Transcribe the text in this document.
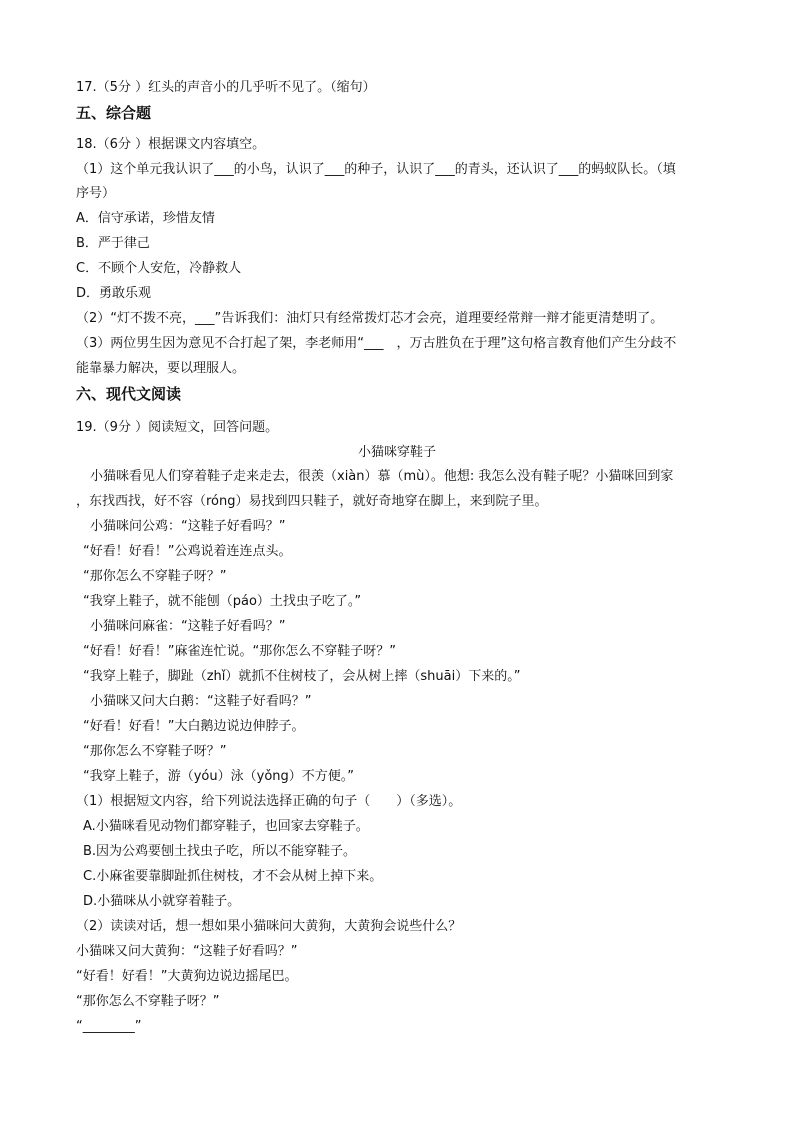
17.（5分 ）红头的声音小的几乎听不见了。（缩句）
五、综合题
18.（6分 ）根据课文内容填空。
（1）这个单元我认识了___的小鸟，认识了___的种子，认识了___的青头，还认识了___的蚂蚁队长。（填
序号）
A．信守承诺，珍惜友情
B．严于律己
C．不顾个人安危，冷静救人
D．勇敢乐观
（2）“灯不拨不亮，___”告诉我们：油灯只有经常拨灯芯才会亮，道理要经常辩一辩才能更清楚明了。
（3）两位男生因为意见不合打起了架，李老师用“___　，万古胜负在于理”这句格言教育他们产生分歧不
能靠暴力解决，要以理服人。
六、现代文阅读
19.（9分 ）阅读短文，回答问题。
小猫咪穿鞋子
小猫咪看见人们穿着鞋子走来走去，很羡（xiàn）慕（mù）。他想: 我怎么没有鞋子呢？小猫咪回到家
，东找西找，好不容（róng）易找到四只鞋子，就好奇地穿在脚上，来到院子里。
小猫咪问公鸡：“这鞋子好看吗？”
“好看！好看！”公鸡说着连连点头。
“那你怎么不穿鞋子呀？”
“我穿上鞋子，就不能刨（páo）土找虫子吃了。”
小猫咪问麻雀：“这鞋子好看吗？”
“好看！好看！”麻雀连忙说。“那你怎么不穿鞋子呀？”
“我穿上鞋子，脚趾（zhǐ）就抓不住树枝了，会从树上摔（shuāi）下来的。”
小猫咪又问大白鹅：“这鞋子好看吗？”
“好看！好看！”大白鹅边说边伸脖子。
“那你怎么不穿鞋子呀？”
“我穿上鞋子，游（yóu）泳（yǒng）不方便。”
（1）根据短文内容，给下列说法选择正确的句子（　　）（多选）。
A.小猫咪看见动物们都穿鞋子，也回家去穿鞋子。
B.因为公鸡要刨土找虫子吃，所以不能穿鞋子。
C.小麻雀要靠脚趾抓住树枝，才不会从树上掉下来。
D.小猫咪从小就穿着鞋子。
（2）读读对话，想一想如果小猫咪问大黄狗，大黄狗会说些什么？
小猫咪又问大黄狗：“这鞋子好看吗？”
“好看！好看！”大黄狗边说边摇尾巴。
“那你怎么不穿鞋子呀？”
“________”
